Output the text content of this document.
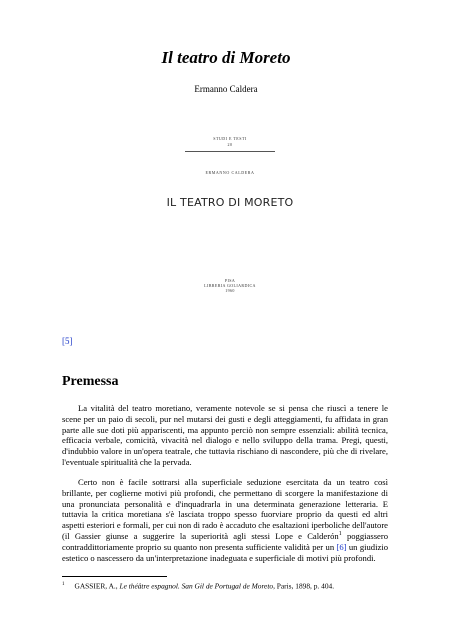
Il teatro di Moreto
Ermanno Caldera
STUDI E TESTI
20
ERMANNO CALDERA
IL TEATRO DI MORETO
PISA
LIBRERIA GOLIARDICA
1960
[5]
Premessa

La vitalità del teatro moretiano, veramente notevole se si pensa che riuscì a tenere le scene per un paio di secoli, pur nel mutarsi dei gusti e degli atteggiamenti, fu affidata in gran parte alle sue doti più appariscenti, ma appunto perciò non sempre essenziali: abilità tecnica, efficacia verbale, comicità, vivacità nel dialogo e nello sviluppo della trama. Pregi, questi, d'indubbio valore in un'opera teatrale, che tuttavia rischiano di nascondere, più che di rivelare, l'eventuale spiritualità che la pervada.

Certo non è facile sottrarsi alla superficiale seduzione esercitata da un teatro così brillante, per coglierne motivi più profondi, che permettano di scorgere la manifestazione di una pronunciata personalità e d'inquadrarla in una determinata generazione letteraria. E tuttavia la critica moretiana s'è lasciata troppo spesso fuorviare proprio da questi ed altri aspetti esteriori e formali, per cui non di rado è accaduto che esaltazioni iperboliche dell'autore (il Gassier giunse a suggerire la superiorità agli stessi Lope e Calderón$^1$ poggiassero contraddittoriamente proprio su quanto non presenta sufficiente validità per un [6] un giudizio estetico o nascessero da un'interpretazione inadeguata e superficiale di motivi più profondi.

$^1$ GASSIER, A., Le théâtre espagnol. San Gil de Portugal de Moreto, Paris, 1898, p. 404.
